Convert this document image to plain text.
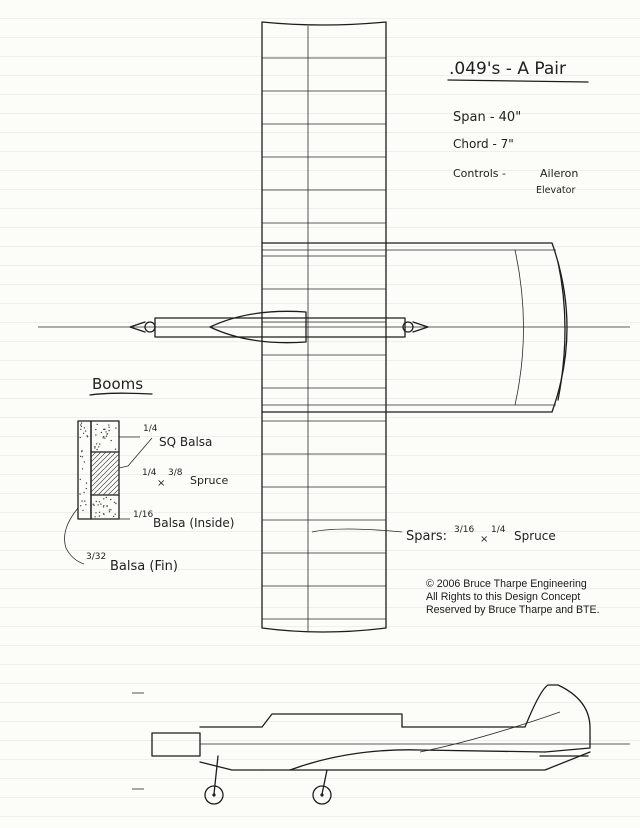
.049's - A Pair
Span - 40"
Chord - 7"
Controls -	Aileron
Elevator
Booms
1/4
SQ Balsa
1/4
×
3/8
Spruce
1/16
Balsa (Inside)
3/32
Balsa (Fin)
Spars: 3/16
×
1/4 Spruce
© 2006 Bruce Tharpe Engineering
All Rights to this Design Concept
Reserved by Bruce Tharpe and BTE.
